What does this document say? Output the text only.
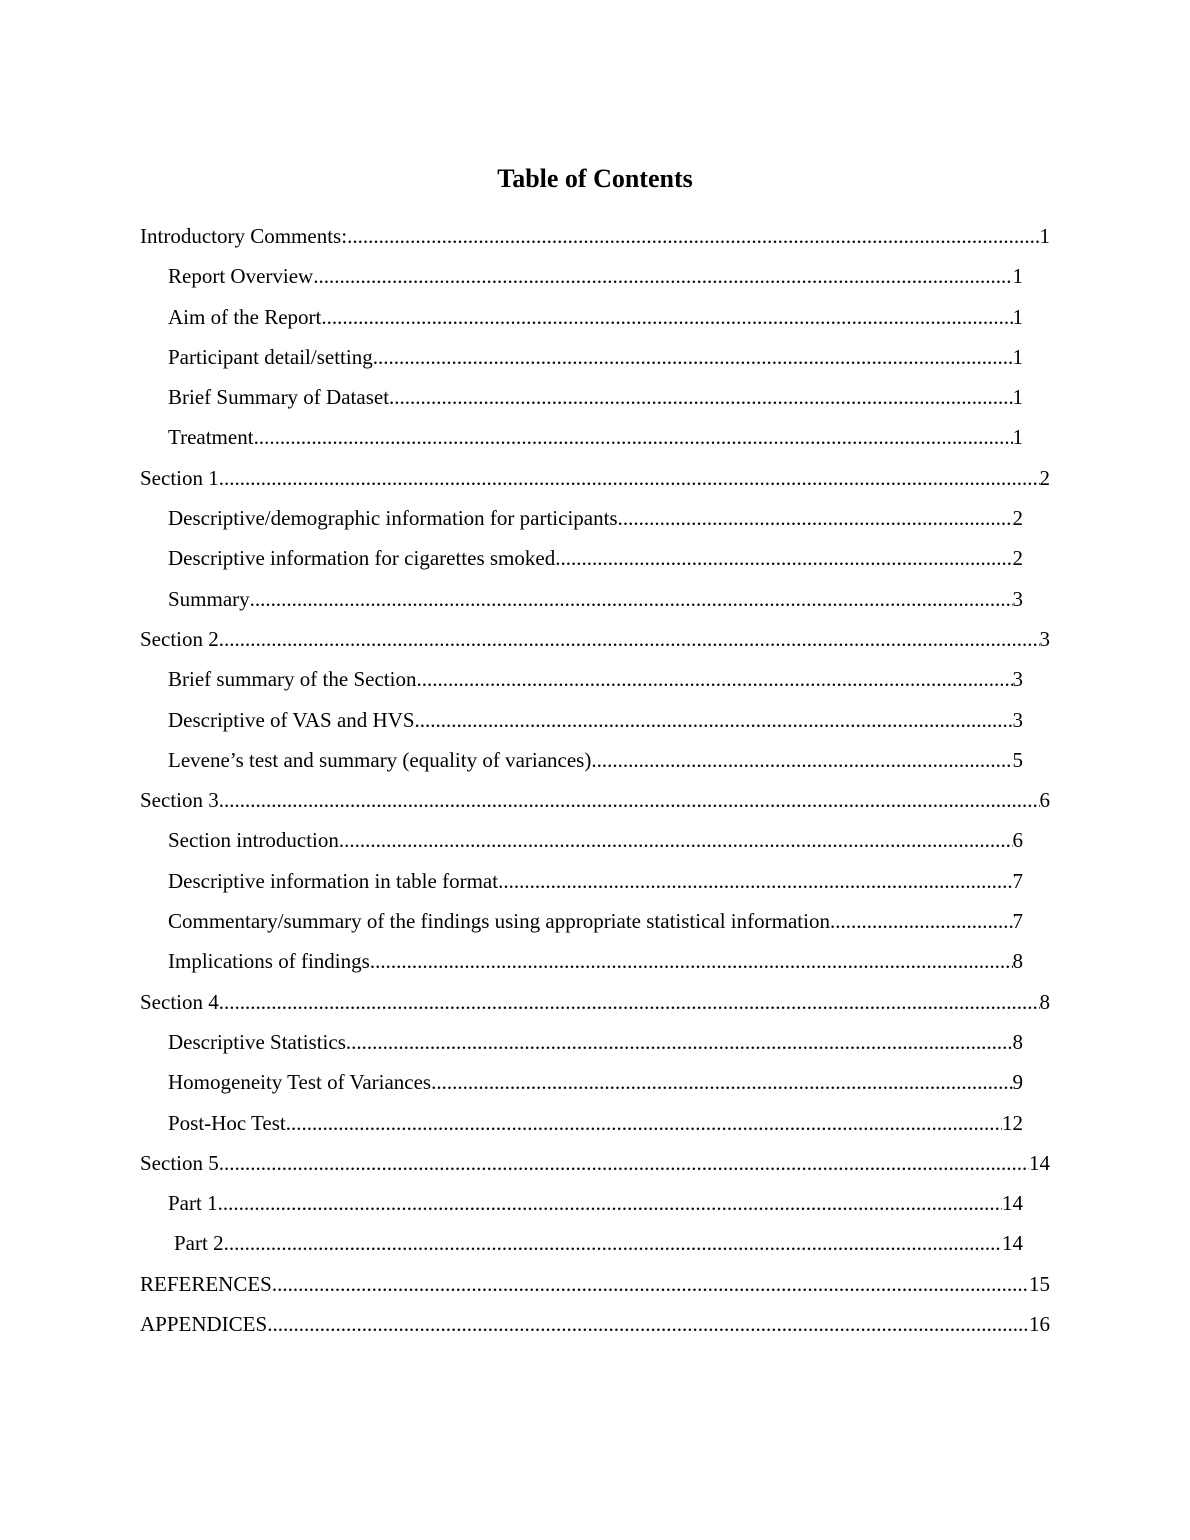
Table of Contents
Introductory Comments: .....	1
Report Overview .....	1
Aim of the Report .....	1
Participant detail/setting .....	1
Brief Summary of Dataset .....	1
Treatment .....	1
Section 1 .....	2
Descriptive/demographic information for participants .....	2
Descriptive information for cigarettes smoked .....	2
Summary .....	3
Section 2 .....	3
Brief summary of the Section .....	3
Descriptive of VAS and HVS .....	3
Levene’s test and summary (equality of variances) .....	5
Section 3 .....	6
Section introduction .....	6
Descriptive information in table format .....	7
Commentary/summary of the findings using appropriate statistical information .....	7
Implications of findings .....	8
Section 4 .....	8
Descriptive Statistics .....	8
Homogeneity Test of Variances .....	9
Post-Hoc Test .....	12
Section 5 .....	14
Part 1 .....	14
Part 2 .....	14
REFERENCES .....	15
APPENDICES .....	16
